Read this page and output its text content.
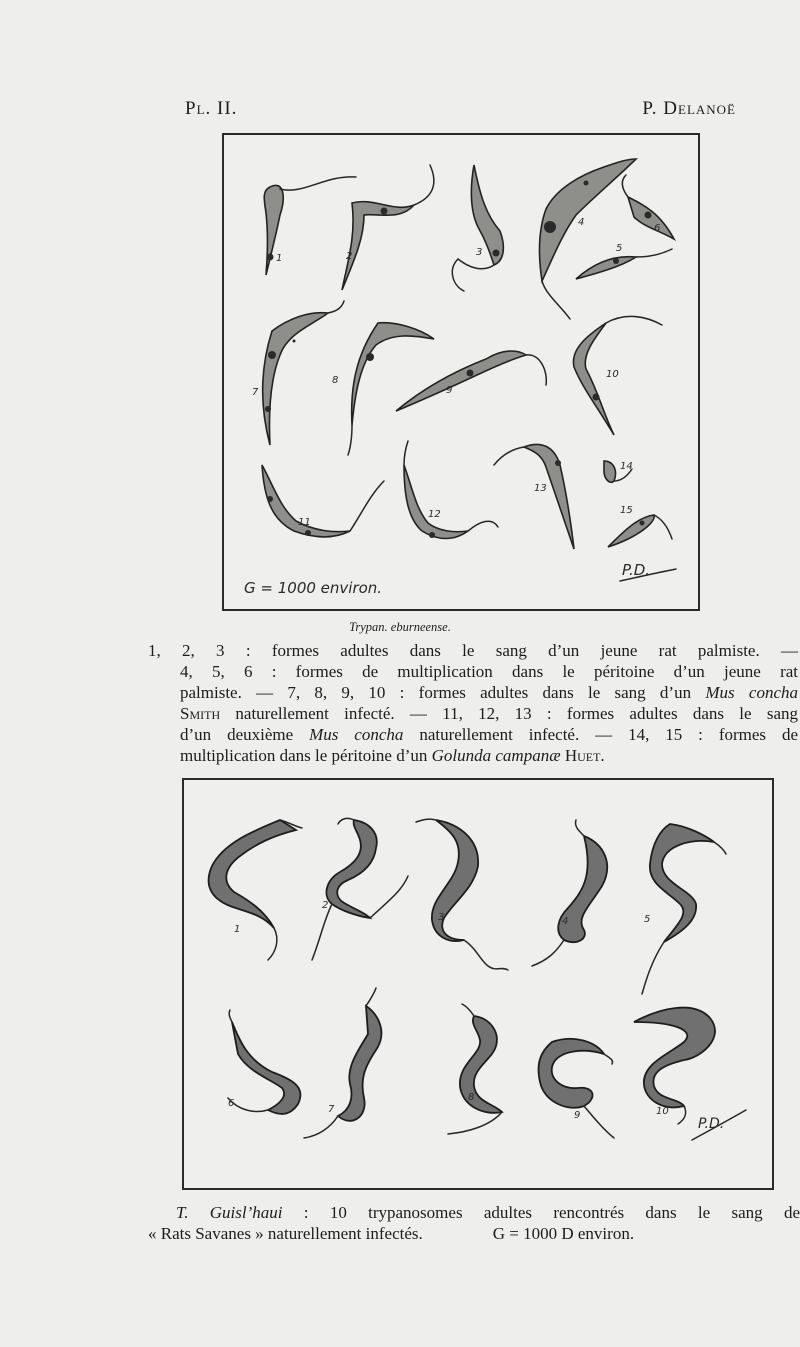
Pl. II.	P. Delanoë
1	2	3
4
5
6
7
8
9
10
11
12
13
14
15
G = 1000 environ.
P.D.
Trypan. eburneense.
1, 2, 3 : formes adultes dans le sang d’un jeune rat palmiste. —
4, 5, 6 : formes de multiplication dans le péritoine d’un jeune rat
palmiste. — 7, 8, 9, 10 : formes adultes dans le sang d’un Mus concha
Smith naturellement infecté. — 11, 12, 13 : formes adultes dans le sang
d’un deuxième Mus concha naturellement infecté. — 14, 15 : formes de
multiplication dans le péritoine d’un Golunda campanæ Huet.
1
2
3	4	5
6
7
8
9	10
P.D.
T. Guisl’haui : 10 trypanosomes adultes rencontrés dans le sang de
« Rats Savanes » naturellement infectés.	G = 1000 D environ.
